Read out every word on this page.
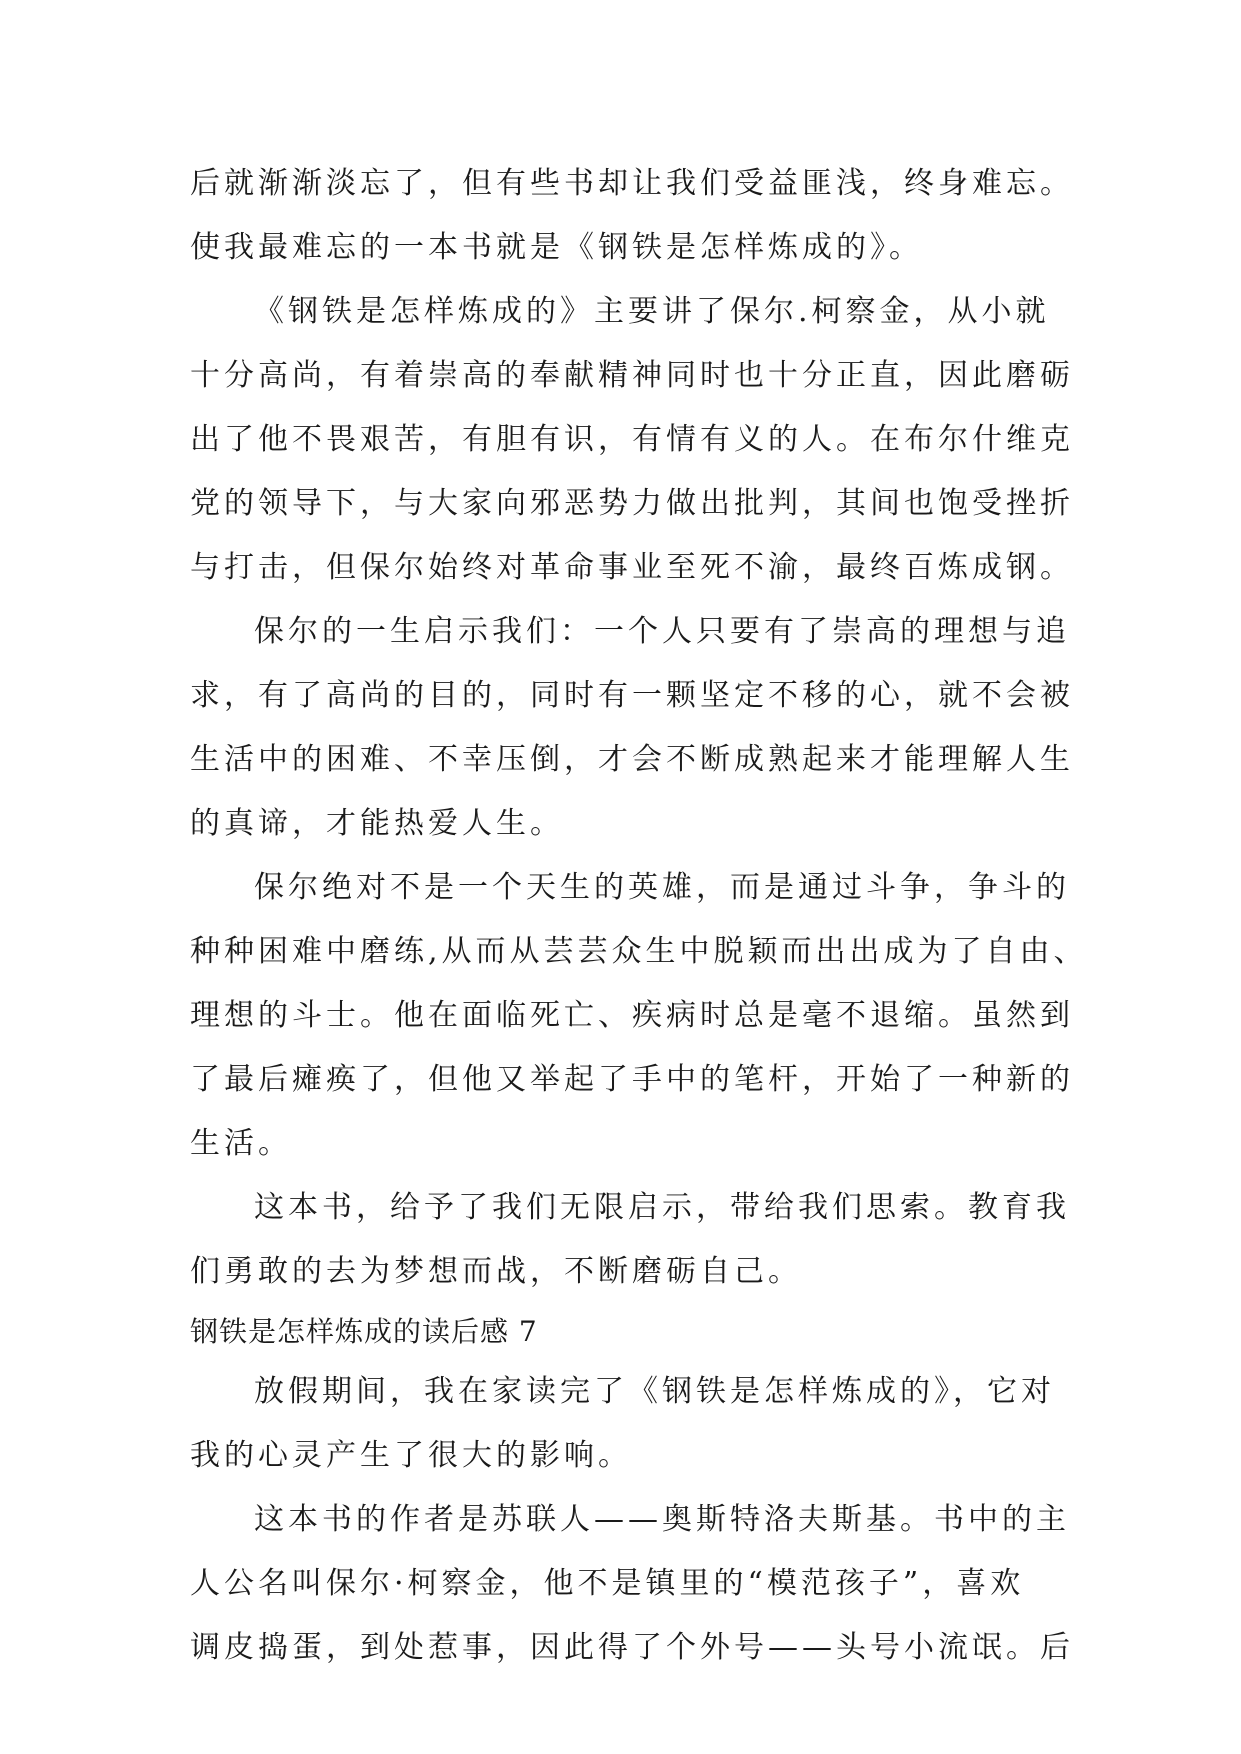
后就渐渐淡忘了，但有些书却让我们受益匪浅，终身难忘。
使我最难忘的一本书就是《钢铁是怎样炼成的》。
《钢铁是怎样炼成的》主要讲了保尔.柯察金，从小就
十分高尚，有着崇高的奉献精神同时也十分正直，因此磨砺
出了他不畏艰苦，有胆有识，有情有义的人。在布尔什维克
党的领导下，与大家向邪恶势力做出批判，其间也饱受挫折
与打击，但保尔始终对革命事业至死不渝，最终百炼成钢。
保尔的一生启示我们：一个人只要有了崇高的理想与追
求，有了高尚的目的，同时有一颗坚定不移的心，就不会被
生活中的困难、不幸压倒，才会不断成熟起来才能理解人生
的真谛，才能热爱人生。
保尔绝对不是一个天生的英雄，而是通过斗争，争斗的
种种困难中磨练,从而从芸芸众生中脱颖而出出成为了自由、
理想的斗士。他在面临死亡、疾病时总是毫不退缩。虽然到
了最后瘫痪了，但他又举起了手中的笔杆，开始了一种新的
生活。
这本书，给予了我们无限启示，带给我们思索。教育我
们勇敢的去为梦想而战，不断磨砺自己。
钢铁是怎样炼成的读后感 7
放假期间，我在家读完了《钢铁是怎样炼成的》，它对
我的心灵产生了很大的影响。
这本书的作者是苏联人——奥斯特洛夫斯基。书中的主
人公名叫保尔·柯察金，他不是镇里的“模范孩子”，喜欢
调皮捣蛋，到处惹事，因此得了个外号——头号小流氓。后
